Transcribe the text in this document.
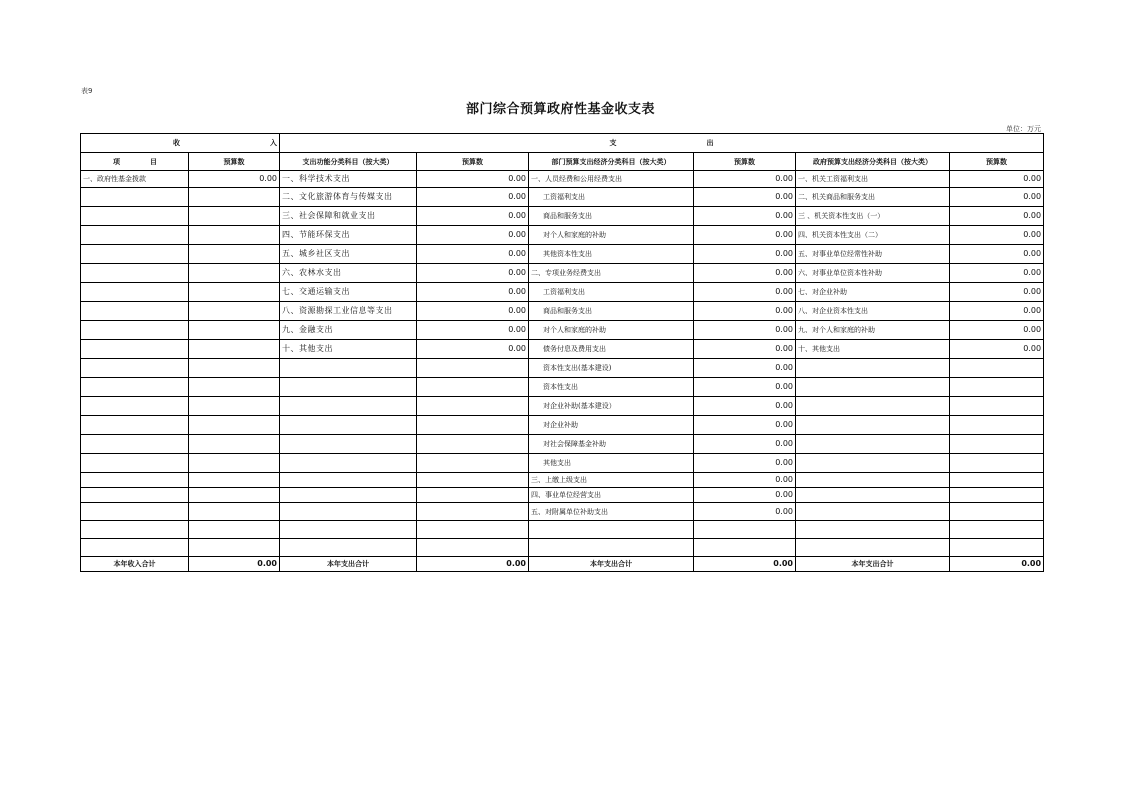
表9
部门综合预算政府性基金收支表
单位：万元
收入		支出					
项目	预算数	支出功能分类科目（按大类）	预算数	部门预算支出经济分类科目（按大类）	预算数	政府预算支出经济分类科目（按大类）	预算数
一、政府性基金拨款	0.00	一、科学技术支出	0.00	一、人员经费和公用经费支出	0.00	一、机关工资福利支出	0.00
		二、文化旅游体育与传媒支出	0.00	工资福利支出	0.00	二、机关商品和服务支出	0.00
		三、社会保障和就业支出	0.00	商品和服务支出	0.00	三 、机关资本性支出（一）	0.00
		四、节能环保支出	0.00	对个人和家庭的补助	0.00	四、机关资本性支出（二）	0.00
		五、城乡社区支出	0.00	其他资本性支出	0.00	五、对事业单位经常性补助	0.00
		六、农林水支出	0.00	二、专项业务经费支出	0.00	六、对事业单位资本性补助	0.00
		七、交通运输支出	0.00	工资福利支出	0.00	七、对企业补助	0.00
		八、资源勘探工业信息等支出	0.00	商品和服务支出	0.00	八、对企业资本性支出	0.00
		九、金融支出	0.00	对个人和家庭的补助	0.00	九、对个人和家庭的补助	0.00
		十、其他支出	0.00	债务付息及费用支出	0.00	十、其他支出	0.00
				资本性支出(基本建设)	0.00		
				资本性支出	0.00		
				对企业补助(基本建设）	0.00		
				对企业补助	0.00		
				对社会保障基金补助	0.00		
				其他支出	0.00		
				三、上缴上级支出	0.00		
				四、事业单位经营支出	0.00		
				五、对附属单位补助支出	0.00		

本年收入合计	0.00	本年支出合计	0.00	本年支出合计	0.00	本年支出合计	0.00
